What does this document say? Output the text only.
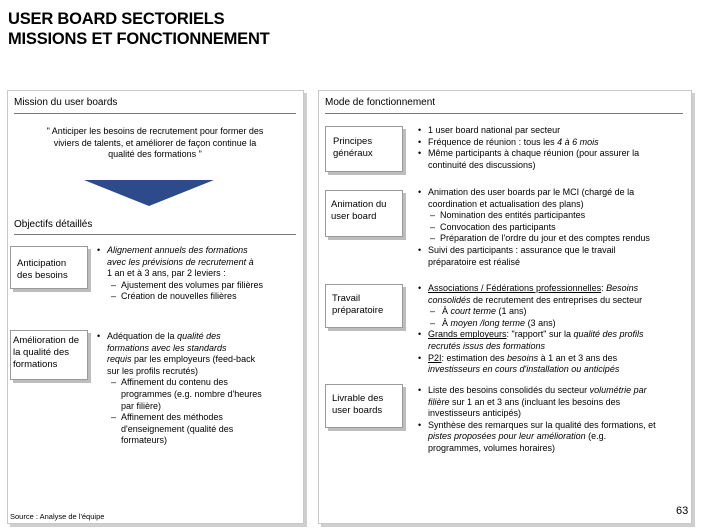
USER BOARD SECTORIELS
MISSIONS ET FONCTIONNEMENT
Mission du user boards
" Anticiper les besoins de recrutement pour former des
viviers de talents, et améliorer de façon continue la
qualité des formations "
Objectifs détaillés
Anticipation
des besoins
• Alignement annuels des formations
avec les prévisions de recrutement à
1 an et à 3 ans, par 2 leviers :
– Ajustement des volumes par filières
– Création de nouvelles filières
Amélioration de
la qualité des
formations
• Adéquation de la qualité des
formations avec les standards
requis par les employeurs (feed-back
sur les profils recrutés)
– Affinement du contenu des
programmes (e.g. nombre d'heures
par filière)
– Affinement des méthodes
d'enseignement (qualité des
formateurs)
Source : Analyse de l'équipe
Mode de fonctionnement
Principes
généraux
• 1 user board national par secteur
• Fréquence de réunion : tous les 4 à 6 mois
• Même participants à chaque réunion (pour assurer la
continuité des discussions)
Animation du
user board
• Animation des user boards par le MCI (chargé de la
coordination et actualisation des plans)
– Nomination des entités participantes
– Convocation des participants
– Préparation de l'ordre du jour et des comptes rendus
• Suivi des participants : assurance que le travail
préparatoire est réalisé
Travail
préparatoire
• Associations / Fédérations professionnelles: Besoins
consolidés de recrutement des entreprises du secteur
– À court terme (1 ans)
– À moyen /long terme (3 ans)
• Grands employeurs: "rapport" sur la qualité des profils
recrutés issus des formations
• P2I: estimation des besoins à 1 an et 3 ans des
investisseurs en cours d'installation ou anticipés
Livrable des
user boards
• Liste des besoins consolidés du secteur volumétrie par
filière sur 1 an et 3 ans (incluant les besoins des
investisseurs anticipés)
• Synthèse des remarques sur la qualité des formations, et
pistes proposées pour leur amélioration (e.g.
programmes, volumes horaires)
63
